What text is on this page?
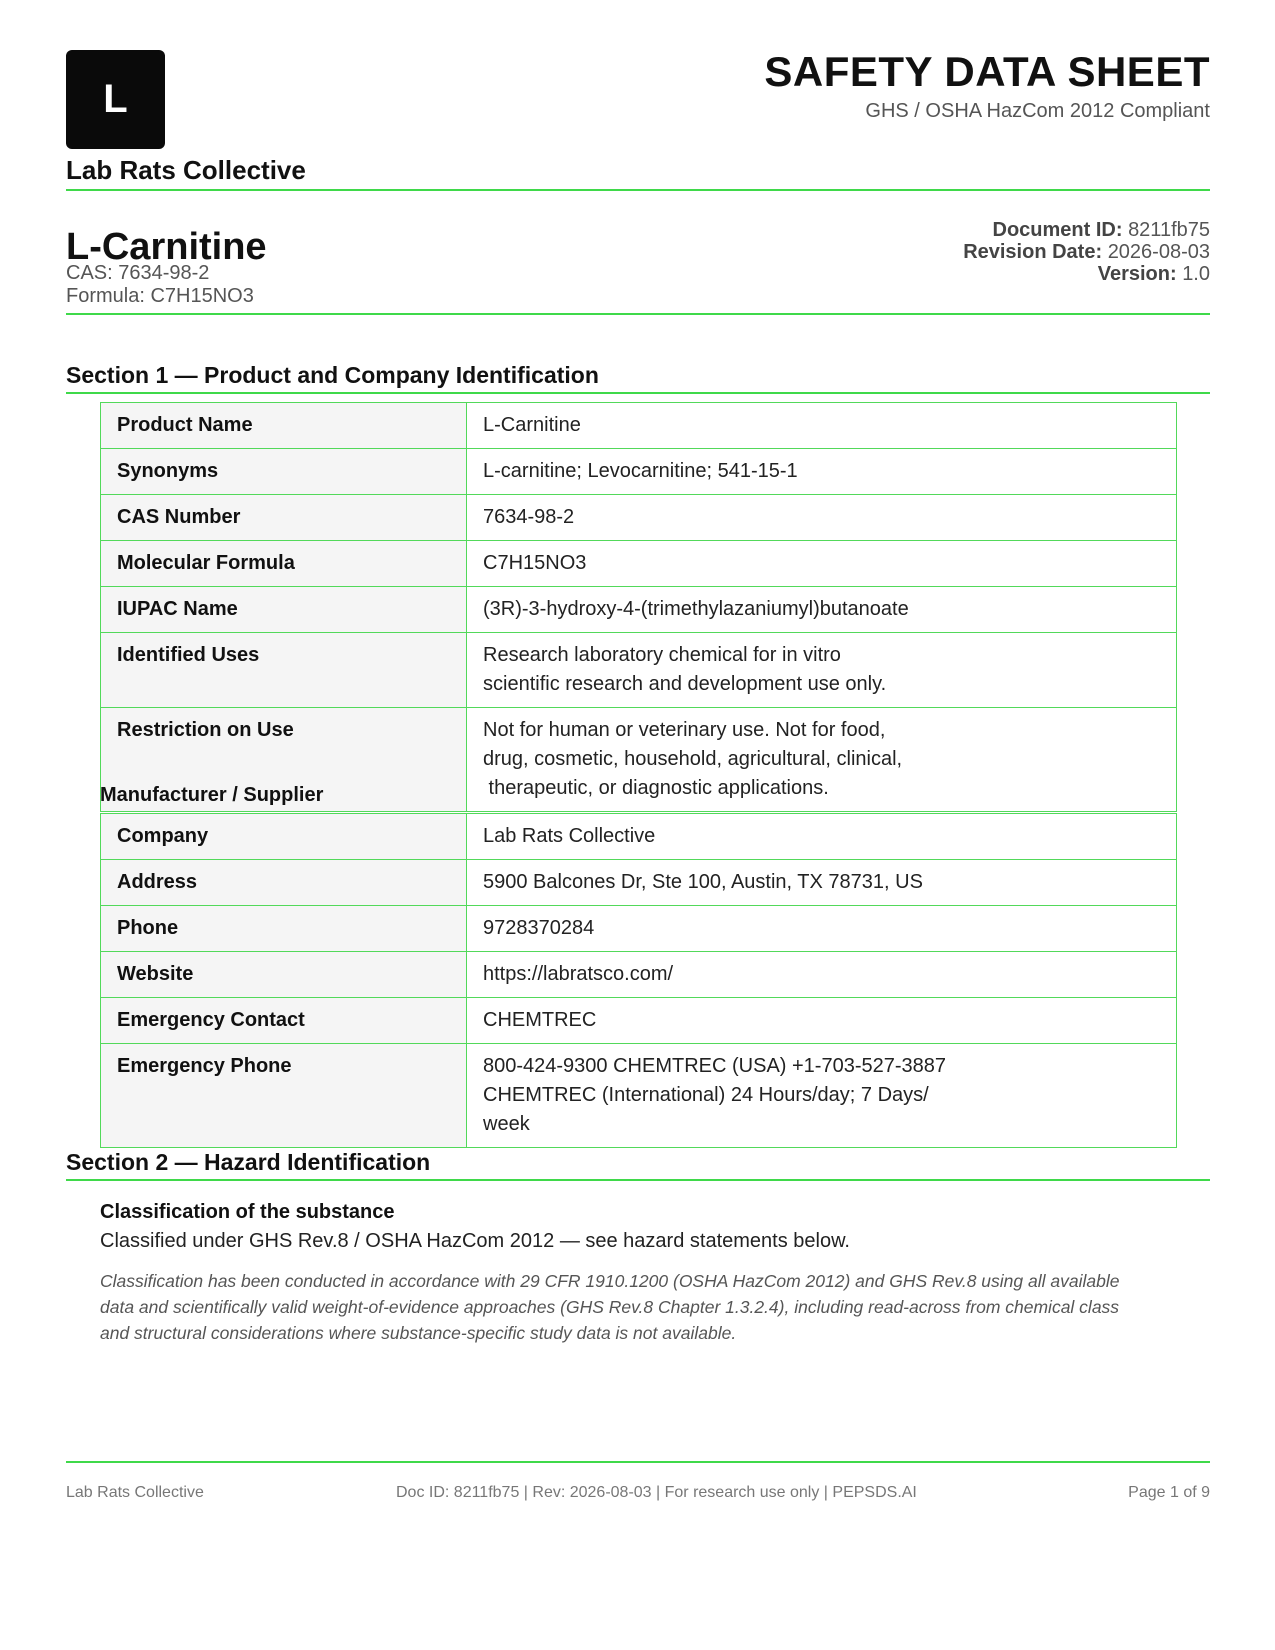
L
Lab Rats Collective
SAFETY DATA SHEET
GHS / OSHA HazCom 2012 Compliant
L-Carnitine
CAS: 7634-98-2
Formula: C7H15NO3
Document ID: 8211fb75
Revision Date: 2026-08-03
Version: 1.0
Section 1 — Product and Company Identification
Product Name	L-Carnitine
Synonyms	L-carnitine; Levocarnitine; 541-15-1
CAS Number	7634-98-2
Molecular Formula	C7H15NO3
IUPAC Name	(3R)-3-hydroxy-4-(trimethylazaniumyl)butanoate
Identified Uses	Research laboratory chemical for in vitro
scientific research and development use only.

Restriction on Use	Not for human or veterinary use. Not for food,
drug, cosmetic, household, agricultural, clinical,
therapeutic, or diagnostic applications.
Manufacturer / Supplier
Company	Lab Rats Collective
Address	5900 Balcones Dr, Ste 100, Austin, TX 78731, US
Phone	9728370284
Website	https://labratsco.com/
Emergency Contact	CHEMTREC
Emergency Phone	800-424-9300 CHEMTREC (USA) +1-703-527-3887
CHEMTREC (International) 24 Hours/day; 7 Days/
week
Section 2 — Hazard Identification
Classification of the substance
Classified under GHS Rev.8 / OSHA HazCom 2012 — see hazard statements below.
Classification has been conducted in accordance with 29 CFR 1910.1200 (OSHA HazCom 2012) and GHS Rev.8 using all available
data and scientifically valid weight-of-evidence approaches (GHS Rev.8 Chapter 1.3.2.4), including read-across from chemical class
and structural considerations where substance-specific study data is not available.
Lab Rats Collective	Doc ID: 8211fb75 | Rev: 2026-08-03 | For research use only | PEPSDS.AI	Page 1 of 9
